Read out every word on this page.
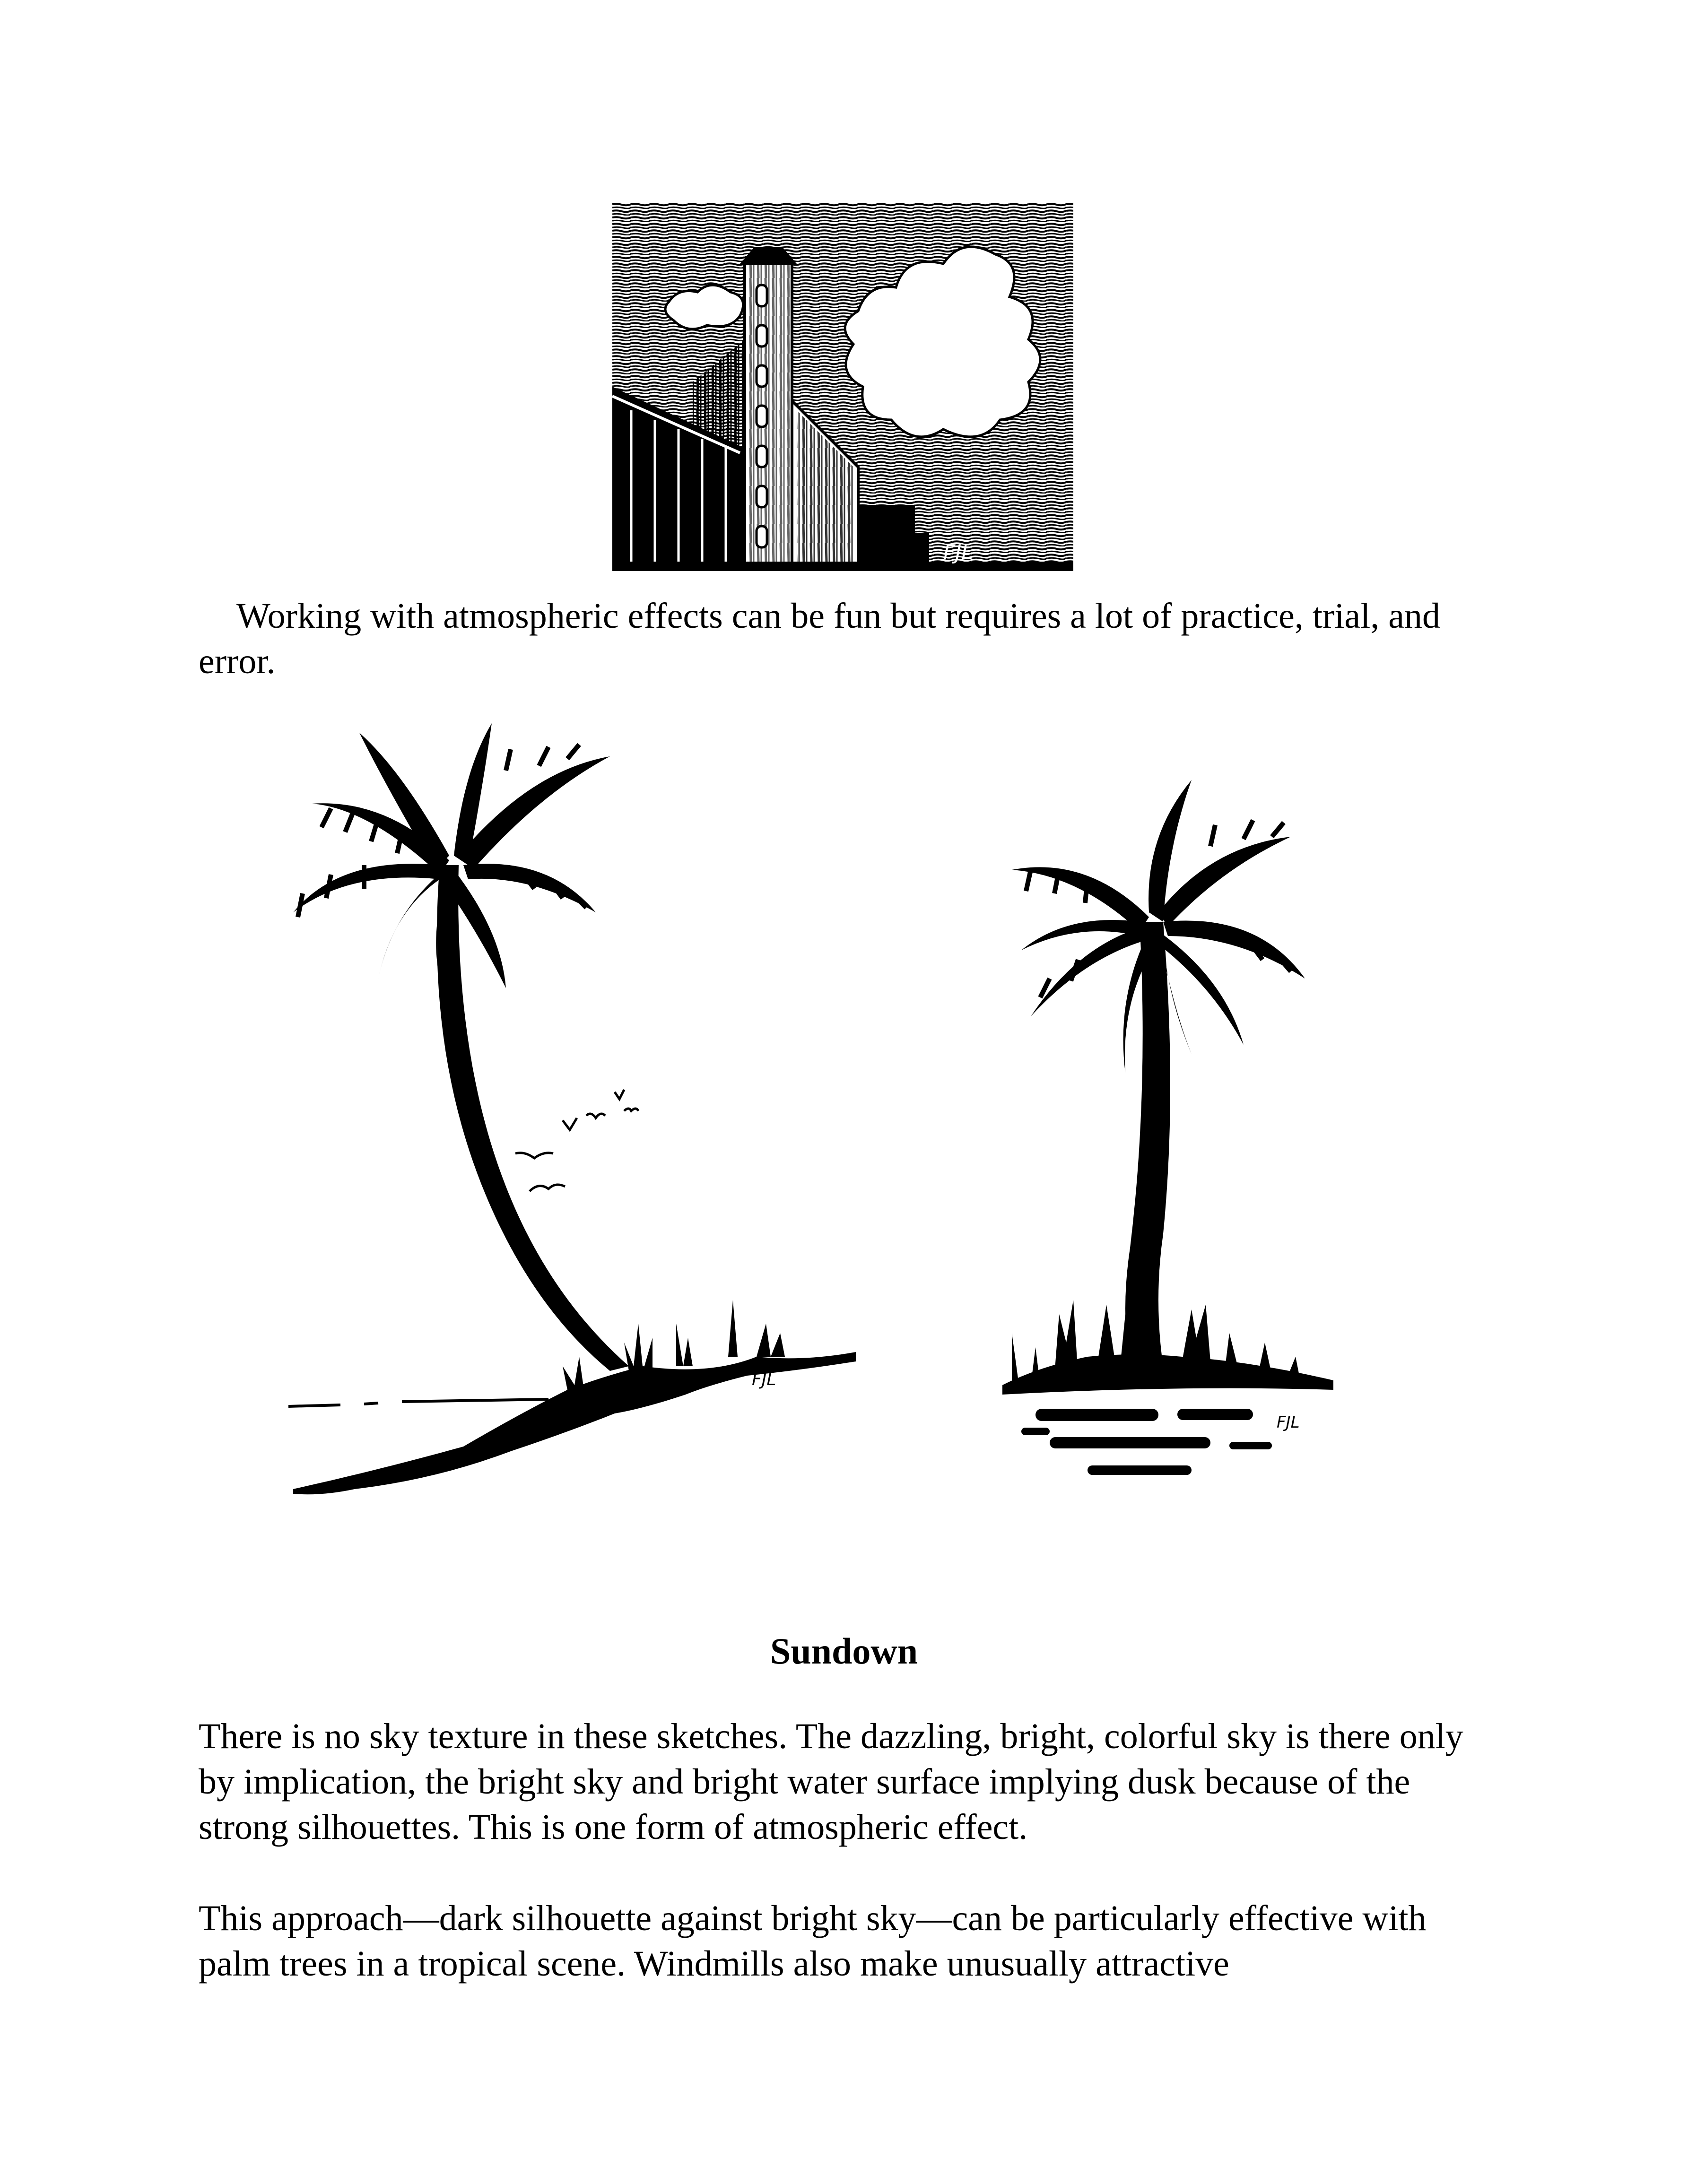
FJL

Working with atmospheric effects can be fun but requires a lot of practice, trial, and error.

FJL
FJL
Sundown

There is no sky texture in these sketches. The dazzling, bright, colorful sky is there only by implication, the bright sky and bright water surface implying dusk because of the strong silhouettes. This is one form of atmospheric effect.

This approach—dark silhouette against bright sky—can be particularly effective with palm trees in a tropical scene. Windmills also make unusually attractive
